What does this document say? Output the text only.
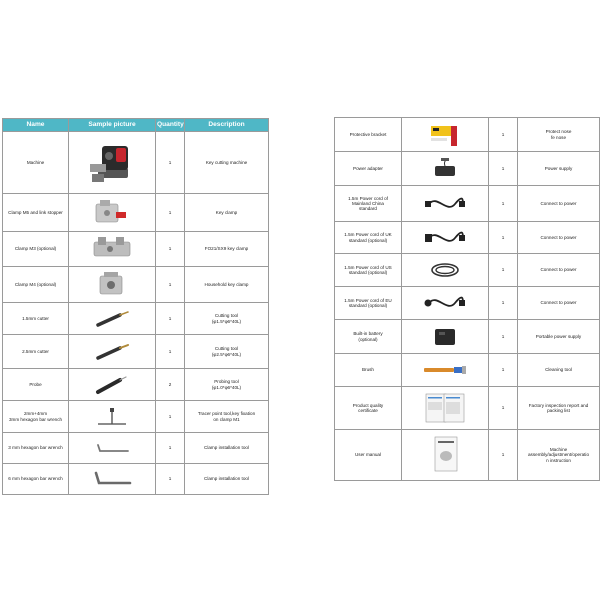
Name	Sample picture	Quantity	Description
Machine		1	Key cutting machine
Clamp M5 and link stopper		1	Key clamp
Clamp M3 (optional)		1	FO21/SX9 key clamp
Clamp M4 (optional)		1	Household key clamp
1.5mm cutter		1	Cutting tool
(φ1.5*φ6*40L)
2.5mm cutter		1	Cutting tool
(φ2.5*φ6*40L)
Probe		2	Probing tool
(φ1.0*φ6*40L)
2mm+4mm
3mm hexagon bar wrench		1	Tracer point tool,key fixation
on clamp M1
3 mm hexagon bar wrench		1	Clamp installation tool
6 mm hexagon bar wrench		1	Clamp installation tool
Protective bracket		1	Protect nose
fe nose
Power adapter		1	Power supply
1.5m Power cord of
Mainland China
standard		1	Connect to power
1.5m Power cord of UK
standard (optional)		1	Connect to power
1.5m Power cord of US
standard (optional)		1	Connect to power
1.5m Power cord of EU
standard (optional)		1	Connect to power
Built-in battery
(optional)		1	Portable power supply
Brush		1	Cleaning tool
Product quality
certificate		1	Factory inspection report and
packing list
User manual		1	Machine
assembly/adjustment/operatio
n instruction
